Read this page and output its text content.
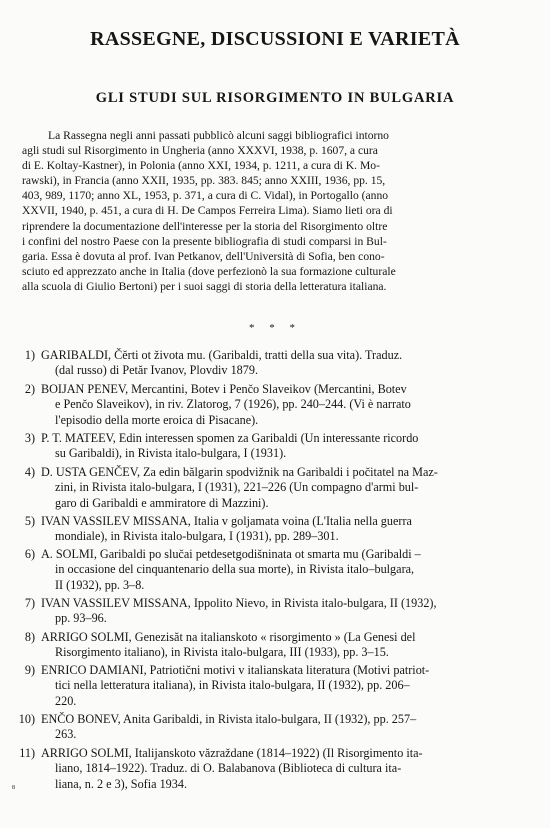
RASSEGNE, DISCUSSIONI E VARIETÀ
GLI STUDI SUL RISORGIMENTO IN BULGARIA

La Rassegna negli anni passati pubblicò alcuni saggi bibliografici intorno
agli studi sul Risorgimento in Ungheria (anno XXXVI, 1938, p. 1607, a cura
di E. Koltay-Kastner), in Polonia (anno XXI, 1934, p. 1211, a cura di K. Mo-
rawski), in Francia (anno XXII, 1935, pp. 383. 845; anno XXIII, 1936, pp. 15,
403, 989, 1170; anno XL, 1953, p. 371, a cura di C. Vidal), in Portogallo (anno
XXVII, 1940, p. 451, a cura di H. De Campos Ferreira Lima). Siamo lieti ora di
riprendere la documentazione dell'interesse per la storia del Risorgimento oltre
i confini del nostro Paese con la presente bibliografia di studi comparsi in Bul-
garia. Essa è dovuta al prof. Ivan Petkanov, dell'Università di Sofia, ben cono-
sciuto ed apprezzato anche in Italia (dove perfezionò la sua formazione culturale
alla scuola di Giulio Bertoni) per i suoi saggi di storia della letteratura italiana.

* * *
1) GARIBALDI, Čĕrti ot života mu. (Garibaldi, tratti della sua vita). Traduz.
(dal russo) di Petăr Ivanov, Plovdiv 1879.
2) BOIJAN PENEV, Mercantini, Botev i Penčo Slaveikov (Mercantini, Botev
e Penčo Slaveikov), in riv. Zlatorog, 7 (1926), pp. 240–244. (Vi è narrato
l'episodio della morte eroica di Pisacane).
3) P. T. MATEEV, Edin interessen spomen za Garibaldi (Un interessante ricordo
su Garibaldi), in Rivista italo-bulgara, I (1931).
4) D. USTA GENČEV, Za edin bălgarin spodvižnik na Garibaldi i počitatel na Maz-
zini, in Rivista italo-bulgara, I (1931), 221–226 (Un compagno d'armi bul-
garo di Garibaldi e ammiratore di Mazzini).
5) IVAN VASSILEV MISSANA, Italia v goljamata voina (L'Italia nella guerra
mondiale), in Rivista italo-bulgara, I (1931), pp. 289–301.
6) A. SOLMI, Garibaldi po slučai petdesetgodišninata ot smarta mu (Garibaldi –
in occasione del cinquantenario della sua morte), in Rivista italo–bulgara,
II (1932), pp. 3–8.
7) IVAN VASSILEV MISSANA, Ippolito Nievo, in Rivista italo-bulgara, II (1932),
pp. 93–96.
8) ARRIGO SOLMI, Genezisăt na italianskoto « risorgimento » (La Genesi del
Risorgimento italiano), in Rivista italo-bulgara, III (1933), pp. 3–15.
9) ENRICO DAMIANI, Patriotični motivi v italianskata literatura (Motivi patriot-
tici nella letteratura italiana), in Rivista italo-bulgara, II (1932), pp. 206–
220.
10) ENČO BONEV, Anita Garibaldi, in Rivista italo-bulgara, II (1932), pp. 257–
263.
11) ARRIGO SOLMI, Italijanskoto văzraždane (1814–1922) (Il Risorgimento ita-
liano, 1814–1922). Traduz. di O. Balabanova (Biblioteca di cultura ita-
liana, n. 2 e 3), Sofia 1934.
8
